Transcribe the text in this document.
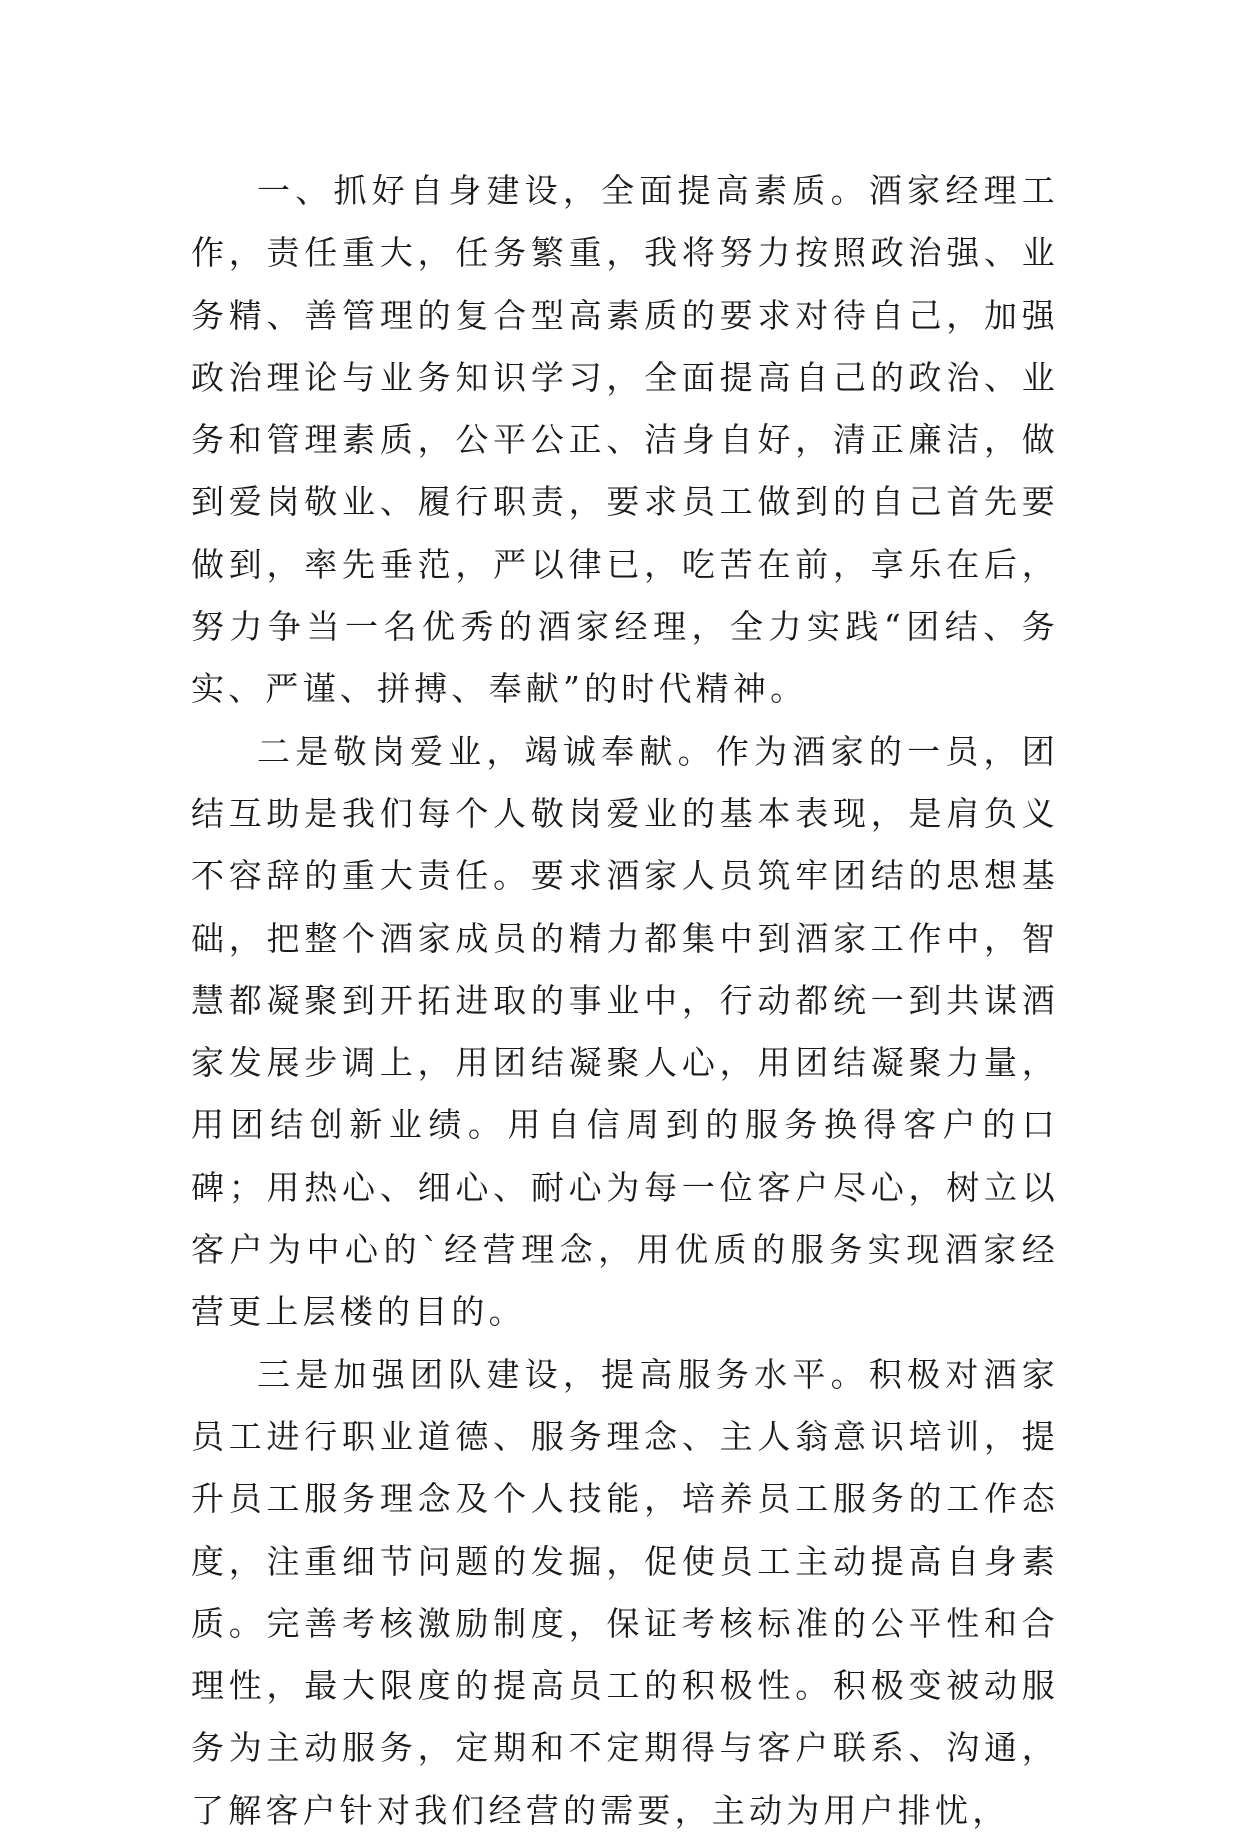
一、抓好自身建设，全面提高素质。酒家经理工作，责任重大，任务繁重，我将努力按照政治强、业务精、善管理的复合型高素质的要求对待自己，加强政治理论与业务知识学习，全面提高自己的政治、业务和管理素质，公平公正、洁身自好，清正廉洁，做到爱岗敬业、履行职责，要求员工做到的自己首先要做到，率先垂范，严以律已，吃苦在前，享乐在后，努力争当一名优秀的酒家经理，全力实践“团结、务实、严谨、拼搏、奉献”的时代精神。

二是敬岗爱业，竭诚奉献。作为酒家的一员，团结互助是我们每个人敬岗爱业的基本表现，是肩负义不容辞的重大责任。要求酒家人员筑牢团结的思想基础，把整个酒家成员的精力都集中到酒家工作中，智慧都凝聚到开拓进取的事业中，行动都统一到共谋酒家发展步调上，用团结凝聚人心，用团结凝聚力量，用团结创新业绩。用自信周到的服务换得客户的口碑；用热心、细心、耐心为每一位客户尽心，树立以客户为中心的`经营理念，用优质的服务实现酒家经营更上层楼的目的。

三是加强团队建设，提高服务水平。积极对酒家员工进行职业道德、服务理念、主人翁意识培训，提升员工服务理念及个人技能，培养员工服务的工作态度，注重细节问题的发掘，促使员工主动提高自身素质。完善考核激励制度，保证考核标准的公平性和合理性，最大限度的提高员工的积极性。积极变被动服务为主动服务，定期和不定期得与客户联系、沟通，了解客户针对我们经营的需要，主动为用户排忧，
